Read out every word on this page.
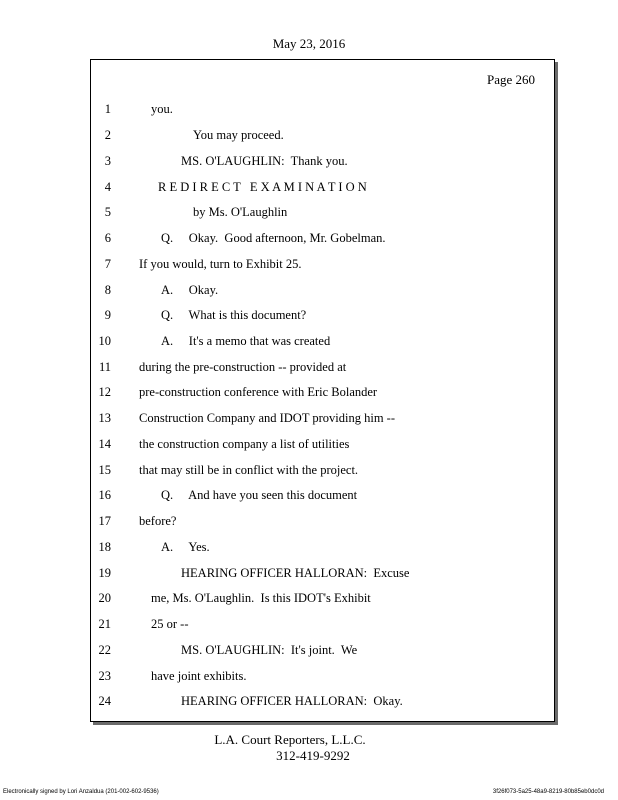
May 23, 2016
Page 260
1	you.
2	You may proceed.
3	MS. O'LAUGHLIN:  Thank you.
4	R E D I R E C T   E X A M I N A T I O N
5	by Ms. O'Laughlin
6	Q.     Okay.  Good afternoon, Mr. Gobelman.
7 If you would, turn to Exhibit 25.
8	A.     Okay.
9	Q.     What is this document?
10	A.     It's a memo that was created
11 during the pre-construction -- provided at
12 pre-construction conference with Eric Bolander
13 Construction Company and IDOT providing him --
14 the construction company a list of utilities
15 that may still be in conflict with the project.
16	Q.     And have you seen this document
17 before?
18	A.     Yes.
19	HEARING OFFICER HALLORAN:  Excuse
20	me, Ms. O'Laughlin.  Is this IDOT's Exhibit
21	25 or --
22	MS. O'LAUGHLIN:  It's joint.  We
23	have joint exhibits.
24	HEARING OFFICER HALLORAN:  Okay.
L.A. Court Reporters, L.L.C.
312-419-9292
Electronically signed by Lori Anzaldua (201-002-602-9536)	3f26f073-5a25-48a9-8219-80b85eb0dc0d
